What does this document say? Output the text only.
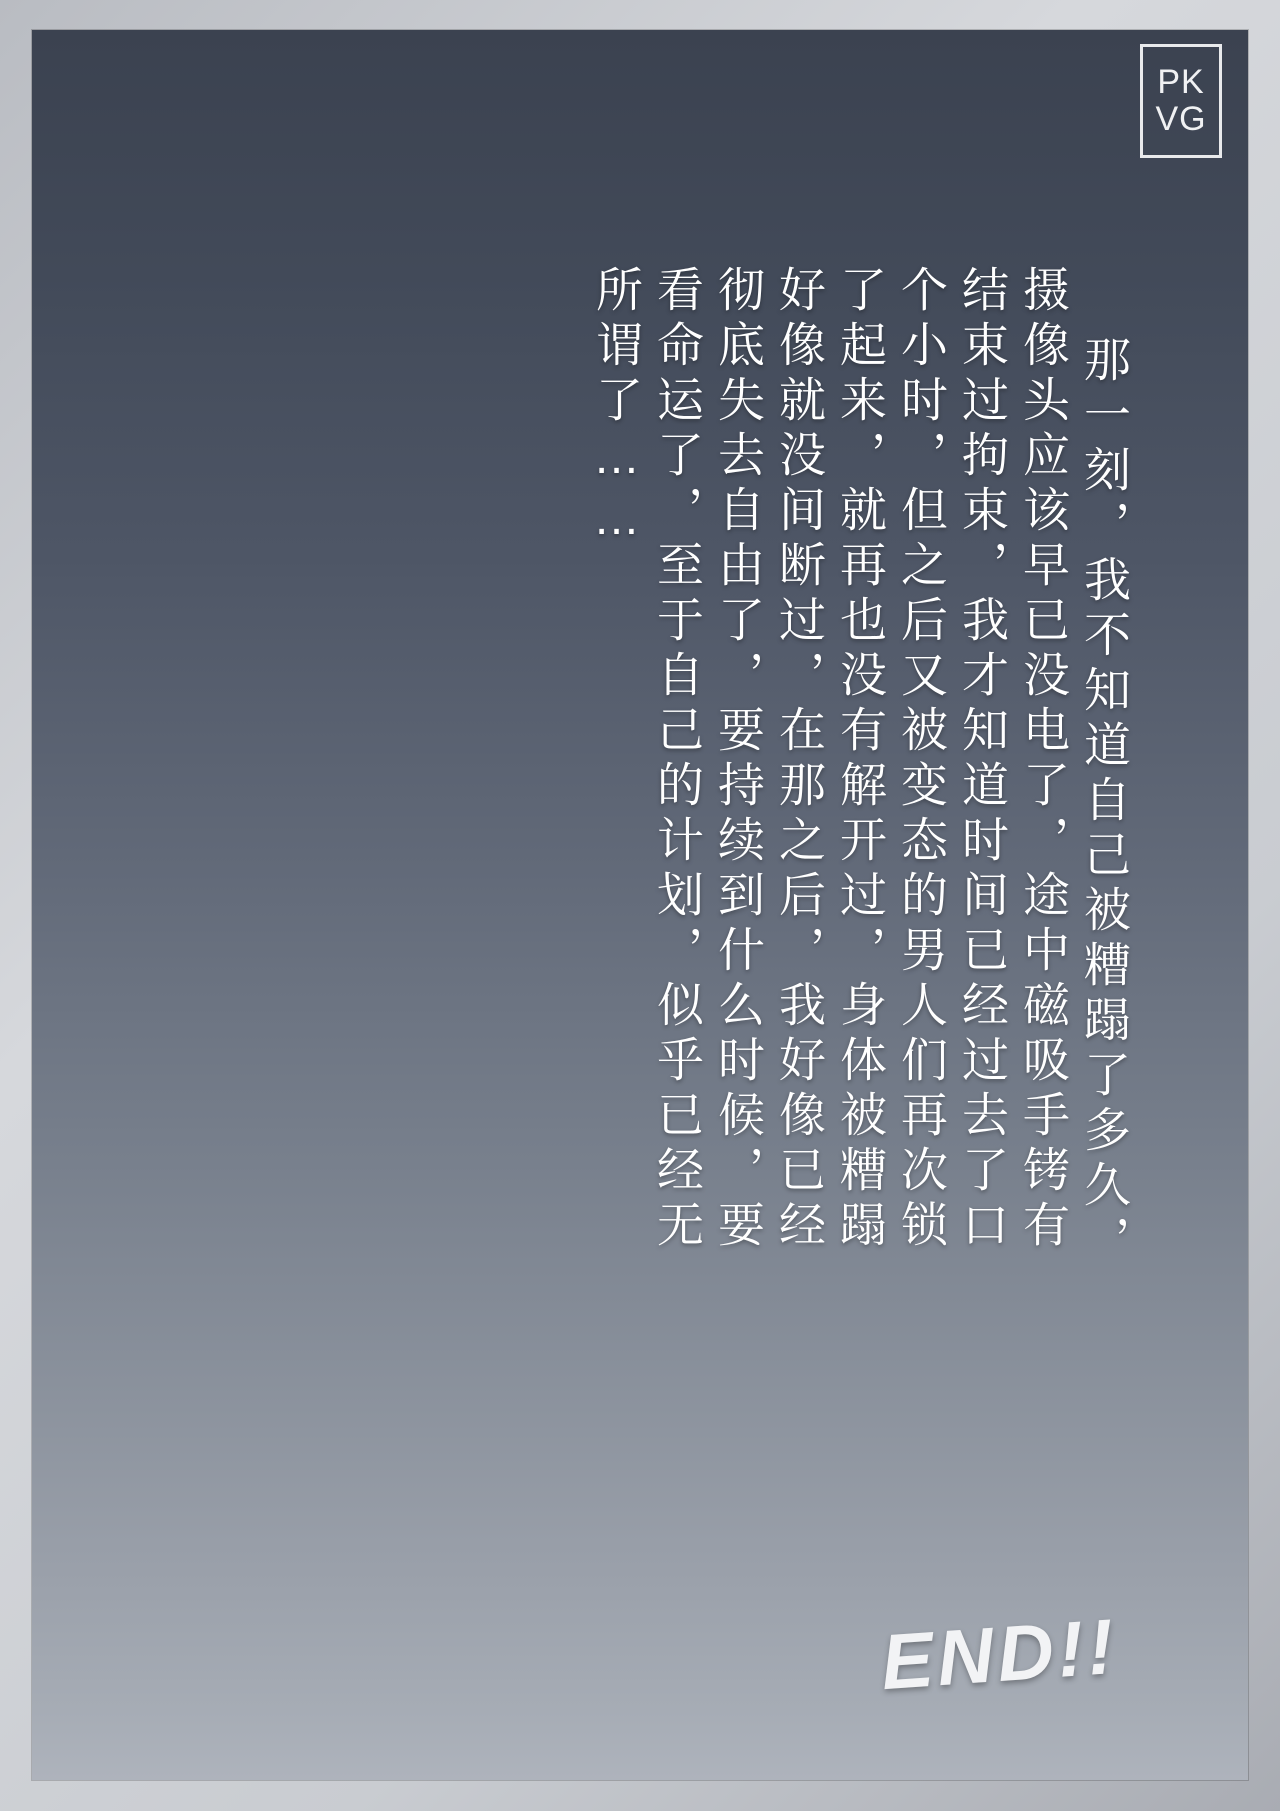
PK
VG
那一刻，我不知道自己被糟蹋了多久，
摄像头应该早已没电了，途中磁吸手铐有
结束过拘束，我才知道时间已经过去了口
个小时，但之后又被变态的男人们再次锁
了起来，就再也没有解开过，身体被糟蹋
好像就没间断过，在那之后，我好像已经
彻底失去自由了，要持续到什么时候，要
看命运了，至于自己的计划，似乎已经无
所谓了……
END!!
